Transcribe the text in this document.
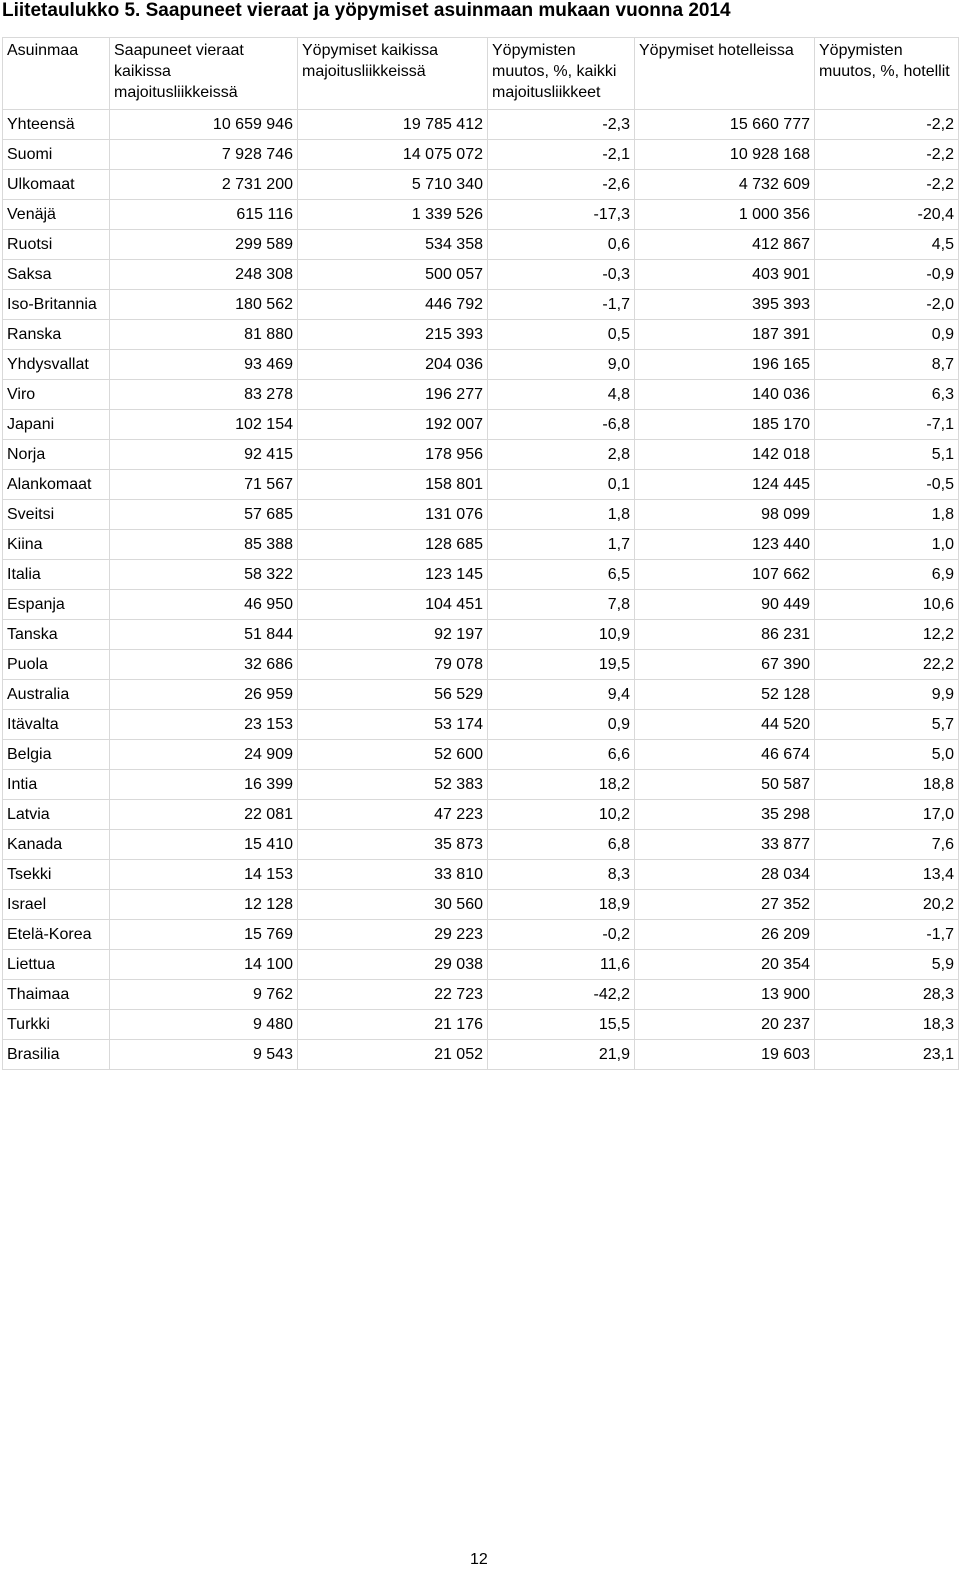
Liitetaulukko 5. Saapuneet vieraat ja yöpymiset asuinmaan mukaan vuonna 2014
Asuinmaa	Saapuneet vieraat kaikissa majoitusliikkeissä	Yöpymiset kaikissa majoitusliikkeissä	Yöpymisten muutos, %, kaikki majoitusliikkeet	Yöpymiset hotelleissa	Yöpymisten muutos, %, hotellit
Yhteensä	10 659 946	19 785 412	-2,3	15 660 777	-2,2
Suomi	7 928 746	14 075 072	-2,1	10 928 168	-2,2
Ulkomaat	2 731 200	5 710 340	-2,6	4 732 609	-2,2
Venäjä	615 116	1 339 526	-17,3	1 000 356	-20,4
Ruotsi	299 589	534 358	0,6	412 867	4,5
Saksa	248 308	500 057	-0,3	403 901	-0,9
Iso-Britannia	180 562	446 792	-1,7	395 393	-2,0
Ranska	81 880	215 393	0,5	187 391	0,9
Yhdysvallat	93 469	204 036	9,0	196 165	8,7
Viro	83 278	196 277	4,8	140 036	6,3
Japani	102 154	192 007	-6,8	185 170	-7,1
Norja	92 415	178 956	2,8	142 018	5,1
Alankomaat	71 567	158 801	0,1	124 445	-0,5
Sveitsi	57 685	131 076	1,8	98 099	1,8
Kiina	85 388	128 685	1,7	123 440	1,0
Italia	58 322	123 145	6,5	107 662	6,9
Espanja	46 950	104 451	7,8	90 449	10,6
Tanska	51 844	92 197	10,9	86 231	12,2
Puola	32 686	79 078	19,5	67 390	22,2
Australia	26 959	56 529	9,4	52 128	9,9
Itävalta	23 153	53 174	0,9	44 520	5,7
Belgia	24 909	52 600	6,6	46 674	5,0
Intia	16 399	52 383	18,2	50 587	18,8
Latvia	22 081	47 223	10,2	35 298	17,0
Kanada	15 410	35 873	6,8	33 877	7,6
Tsekki	14 153	33 810	8,3	28 034	13,4
Israel	12 128	30 560	18,9	27 352	20,2
Etelä-Korea	15 769	29 223	-0,2	26 209	-1,7
Liettua	14 100	29 038	11,6	20 354	5,9
Thaimaa	9 762	22 723	-42,2	13 900	28,3
Turkki	9 480	21 176	15,5	20 237	18,3
Brasilia	9 543	21 052	21,9	19 603	23,1

12
